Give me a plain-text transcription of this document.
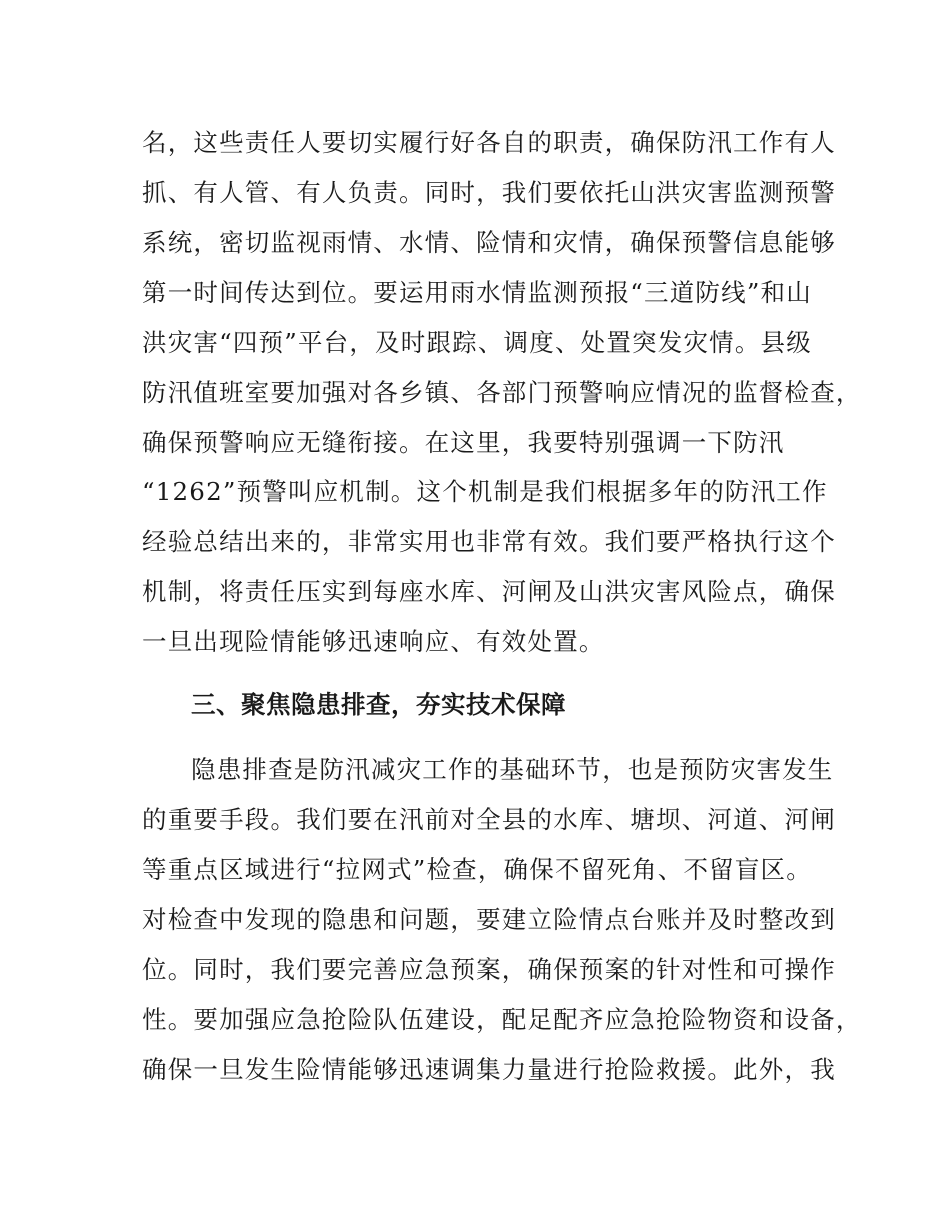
名，这些责任人要切实履行好各自的职责，确保防汛工作有人
抓、有人管、有人负责。同时，我们要依托山洪灾害监测预警
系统，密切监视雨情、水情、险情和灾情，确保预警信息能够
第一时间传达到位。要运用雨水情监测预报“三道防线”和山
洪灾害“四预”平台，及时跟踪、调度、处置突发灾情。县级
防汛值班室要加强对各乡镇、各部门预警响应情况的监督检查，
确保预警响应无缝衔接。在这里，我要特别强调一下防汛
“1262”预警叫应机制。这个机制是我们根据多年的防汛工作
经验总结出来的，非常实用也非常有效。我们要严格执行这个
机制，将责任压实到每座水库、河闸及山洪灾害风险点，确保
一旦出现险情能够迅速响应、有效处置。
三、聚焦隐患排查，夯实技术保障
隐患排查是防汛减灾工作的基础环节，也是预防灾害发生
的重要手段。我们要在汛前对全县的水库、塘坝、河道、河闸
等重点区域进行“拉网式”检查，确保不留死角、不留盲区。
对检查中发现的隐患和问题，要建立险情点台账并及时整改到
位。同时，我们要完善应急预案，确保预案的针对性和可操作
性。要加强应急抢险队伍建设，配足配齐应急抢险物资和设备，
确保一旦发生险情能够迅速调集力量进行抢险救援。此外，我
